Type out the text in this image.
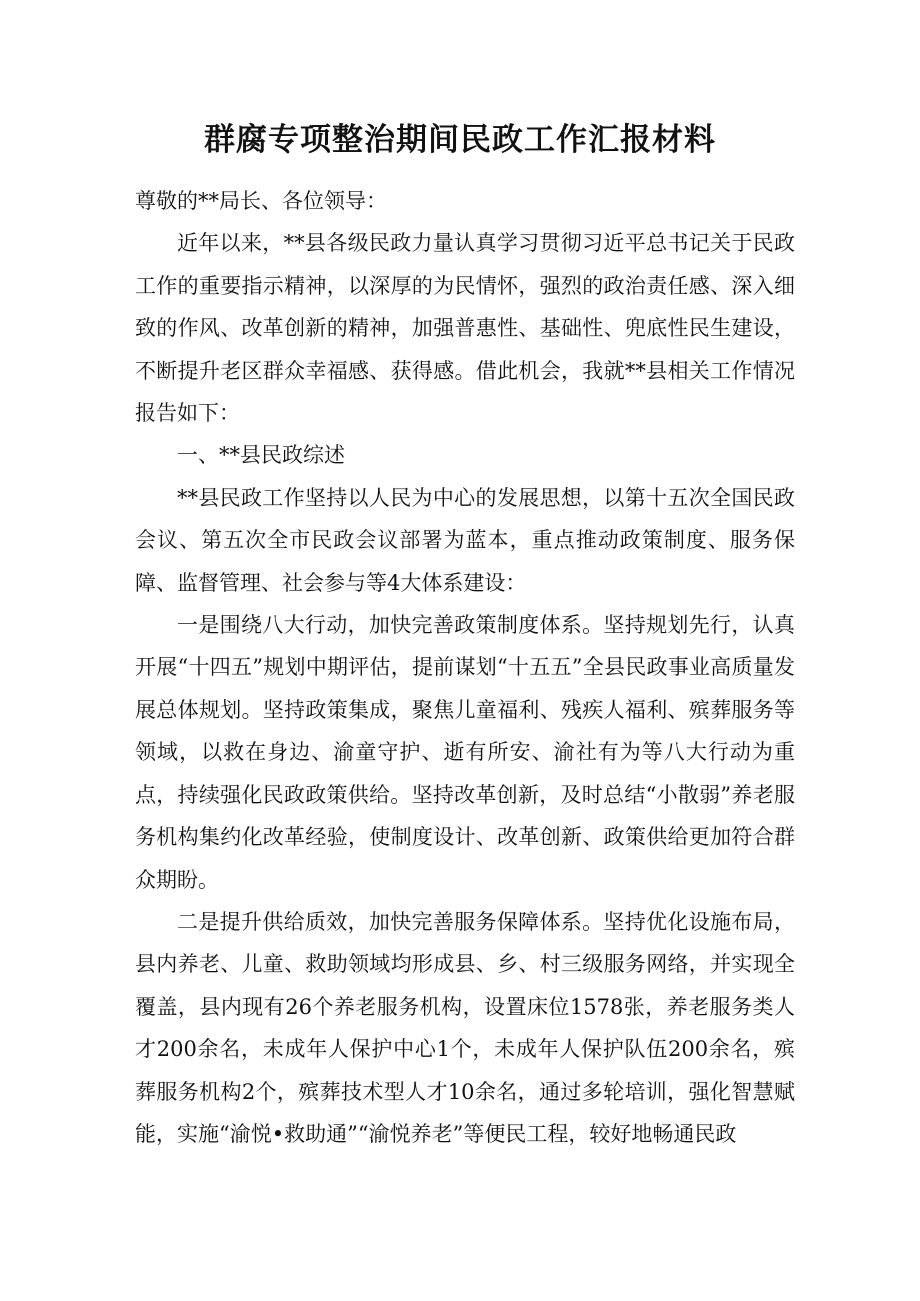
群腐专项整治期间民政工作汇报材料

尊敬的**局长、各位领导：

近年以来，**县各级民政力量认真学习贯彻习近平总书记关于民政工作的重要指示精神，以深厚的为民情怀，强烈的政治责任感、深入细致的作风、改革创新的精神，加强普惠性、基础性、兜底性民生建设，不断提升老区群众幸福感、获得感。借此机会，我就**县相关工作情况报告如下：

一、**县民政综述

**县民政工作坚持以人民为中心的发展思想，以第十五次全国民政会议、第五次全市民政会议部署为蓝本，重点推动政策制度、服务保障、监督管理、社会参与等4大体系建设：

一是围绕八大行动，加快完善政策制度体系。坚持规划先行，认真开展“十四五”规划中期评估，提前谋划“十五五”全县民政事业高质量发展总体规划。坚持政策集成，聚焦儿童福利、残疾人福利、殡葬服务等领域，以救在身边、渝童守护、逝有所安、渝社有为等八大行动为重点，持续强化民政政策供给。坚持改革创新，及时总结“小散弱”养老服务机构集约化改革经验，使制度设计、改革创新、政策供给更加符合群众期盼。

二是提升供给质效，加快完善服务保障体系。坚持优化设施布局，县内养老、儿童、救助领域均形成县、乡、村三级服务网络，并实现全覆盖，县内现有26个养老服务机构，设置床位1578张，养老服务类人才200余名，未成年人保护中心1个，未成年人保护队伍200余名，殡葬服务机构2个，殡葬技术型人才10余名，通过多轮培训，强化智慧赋能，实施“渝悦•救助通”“渝悦养老”等便民工程，较好地畅通民政
